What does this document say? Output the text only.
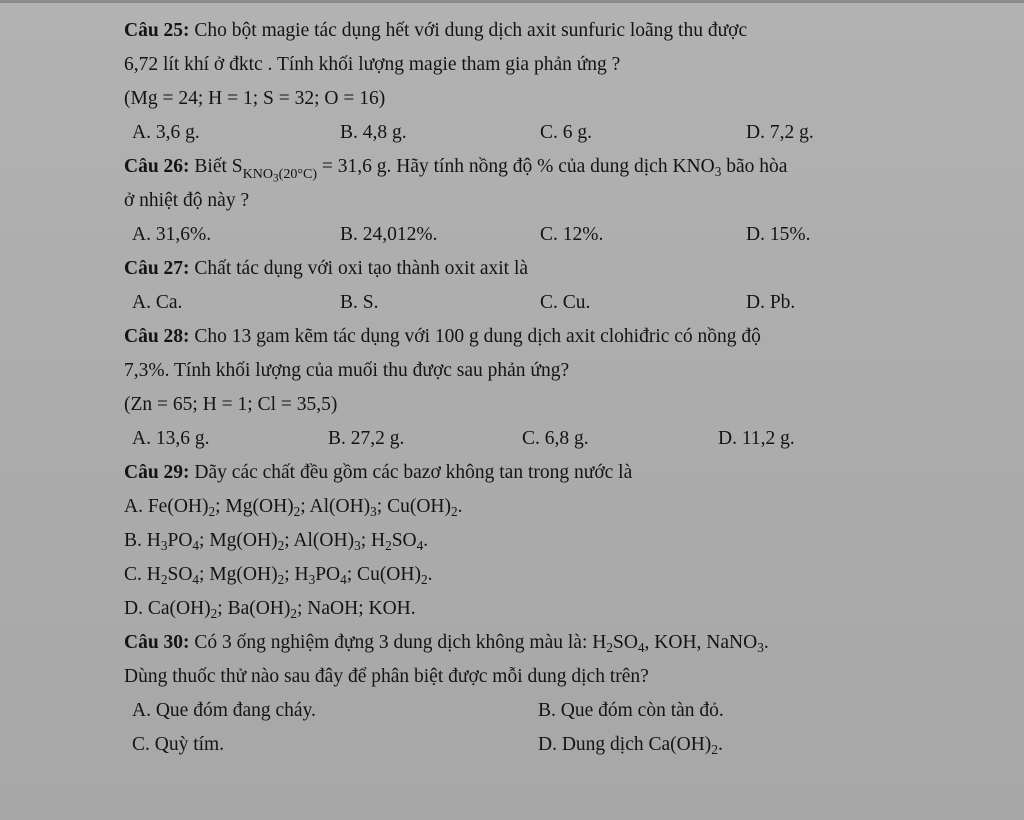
Câu 25: Cho bột magie tác dụng hết với dung dịch axit sunfuric loãng thu được
6,72 lít khí ở đktc . Tính khối lượng magie tham gia phản ứng ?
(Mg = 24; H = 1; S = 32; O = 16)
A. 3,6 g.	B. 4,8 g.	C. 6 g.	D. 7,2 g.
Câu 26: Biết $S_{KNO_3(20^\circ C)} = 31,6$ g. Hãy tính nồng độ % của dung dịch $KNO_3$ bão hòa
ở nhiệt độ này ?
A. 31,6%.	B. 24,012%.	C. 12%.	D. 15%.
Câu 27: Chất tác dụng với oxi tạo thành oxit axit là
A. Ca.	B. S.	C. Cu.	D. Pb.
Câu 28: Cho 13 gam kẽm tác dụng với 100 g dung dịch axit clohiđric có nồng độ
7,3%. Tính khối lượng của muối thu được sau phản ứng?
(Zn = 65; H = 1; Cl = 35,5)
A. 13,6 g.	B. 27,2 g.	C. 6,8 g.	D. 11,2 g.
Câu 29: Dãy các chất đều gồm các bazơ không tan trong nước là
A. $Fe(OH)_2$; $Mg(OH)_2$; $Al(OH)_3$; $Cu(OH)_2$.
B. $H_3PO_4$; $Mg(OH)_2$; $Al(OH)_3$; $H_2SO_4$.
C. $H_2SO_4$; $Mg(OH)_2$; $H_3PO_4$; $Cu(OH)_2$.
D. $Ca(OH)_2$; $Ba(OH)_2$; NaOH; KOH.
Câu 30: Có 3 ống nghiệm đựng 3 dung dịch không màu là: $H_2SO_4$, KOH, NaNO$_3$.
Dùng thuốc thử nào sau đây để phân biệt được mỗi dung dịch trên?
A. Que đóm đang cháy.	B. Que đóm còn tàn đỏ.
C. Quỳ tím.	D. Dung dịch $Ca(OH)_2$.
